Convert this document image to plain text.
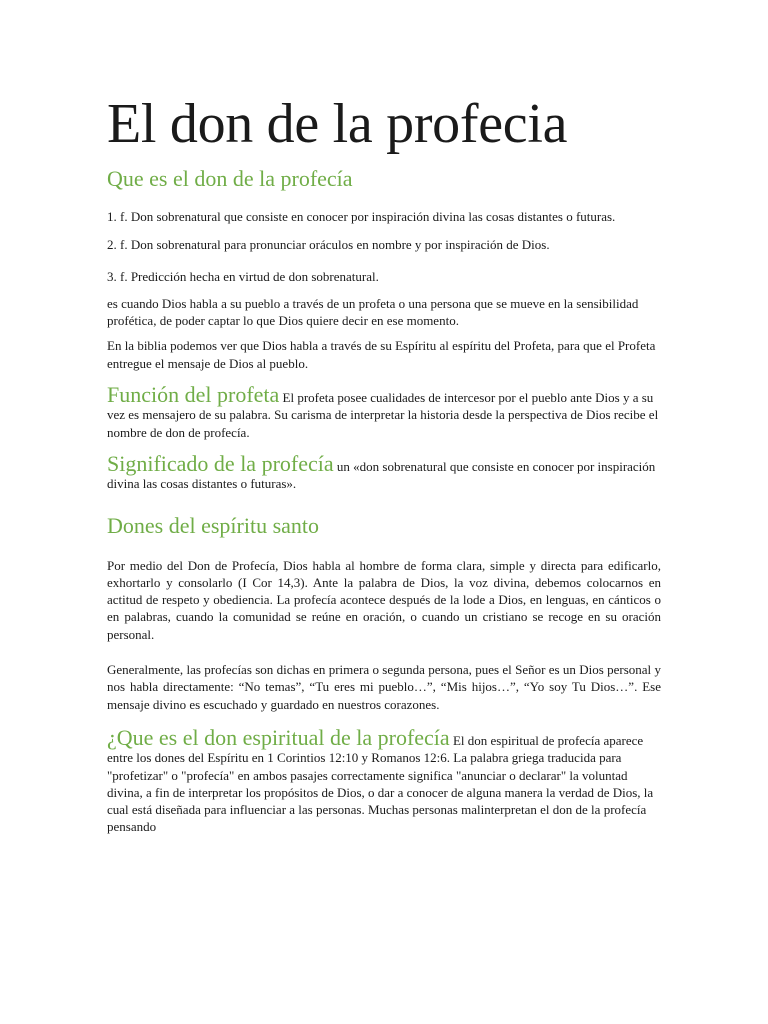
El don de la profecia
Que es el don de la profecía

1. f. Don sobrenatural que consiste en conocer por inspiración divina las cosas distantes o futuras.

2. f. Don sobrenatural para pronunciar oráculos en nombre y por inspiración de Dios.

3. f. Predicción hecha en virtud de don sobrenatural.

es cuando Dios habla a su pueblo a través de un profeta o una persona que se mueve en la sensibilidad profética, de poder captar lo que Dios quiere decir en ese momento.

En la biblia podemos ver que Dios habla a través de su Espíritu al espíritu del Profeta, para que el Profeta entregue el mensaje de Dios al pueblo.

Función del profeta El profeta posee cualidades de intercesor por el pueblo ante Dios y a su vez es mensajero de su palabra. Su carisma de interpretar la historia desde la perspectiva de Dios recibe el nombre de don de profecía.

Significado de la profecía un «don sobrenatural que consiste en conocer por inspiración divina las cosas distantes o futuras».

Dones del espíritu santo

Por medio del Don de Profecía, Dios habla al hombre de forma clara, simple y directa para edificarlo, exhortarlo y consolarlo (I Cor 14,3). Ante la palabra de Dios, la voz divina, debemos colocarnos en actitud de respeto y obediencia. La profecía acontece después de la lode a Dios, en lenguas, en cánticos o en palabras, cuando la comunidad se reúne en oración, o cuando un cristiano se recoge en su oración personal.

Generalmente, las profecías son dichas en primera o segunda persona, pues el Señor es un Dios personal y nos habla directamente: “No temas”, “Tu eres mi pueblo…”, “Mis hijos…”, “Yo soy Tu Dios…”. Ese mensaje divino es escuchado y guardado en nuestros corazones.

¿Que es el don espiritual de la profecía El don espiritual de profecía aparece entre los dones del Espíritu en 1 Corintios 12:10 y Romanos 12:6. La palabra griega traducida para "profetizar" o "profecía" en ambos pasajes correctamente significa "anunciar o declarar" la voluntad divina, a fin de interpretar los propósitos de Dios, o dar a conocer de alguna manera la verdad de Dios, la cual está diseñada para influenciar a las personas. Muchas personas malinterpretan el don de la profecía pensando
